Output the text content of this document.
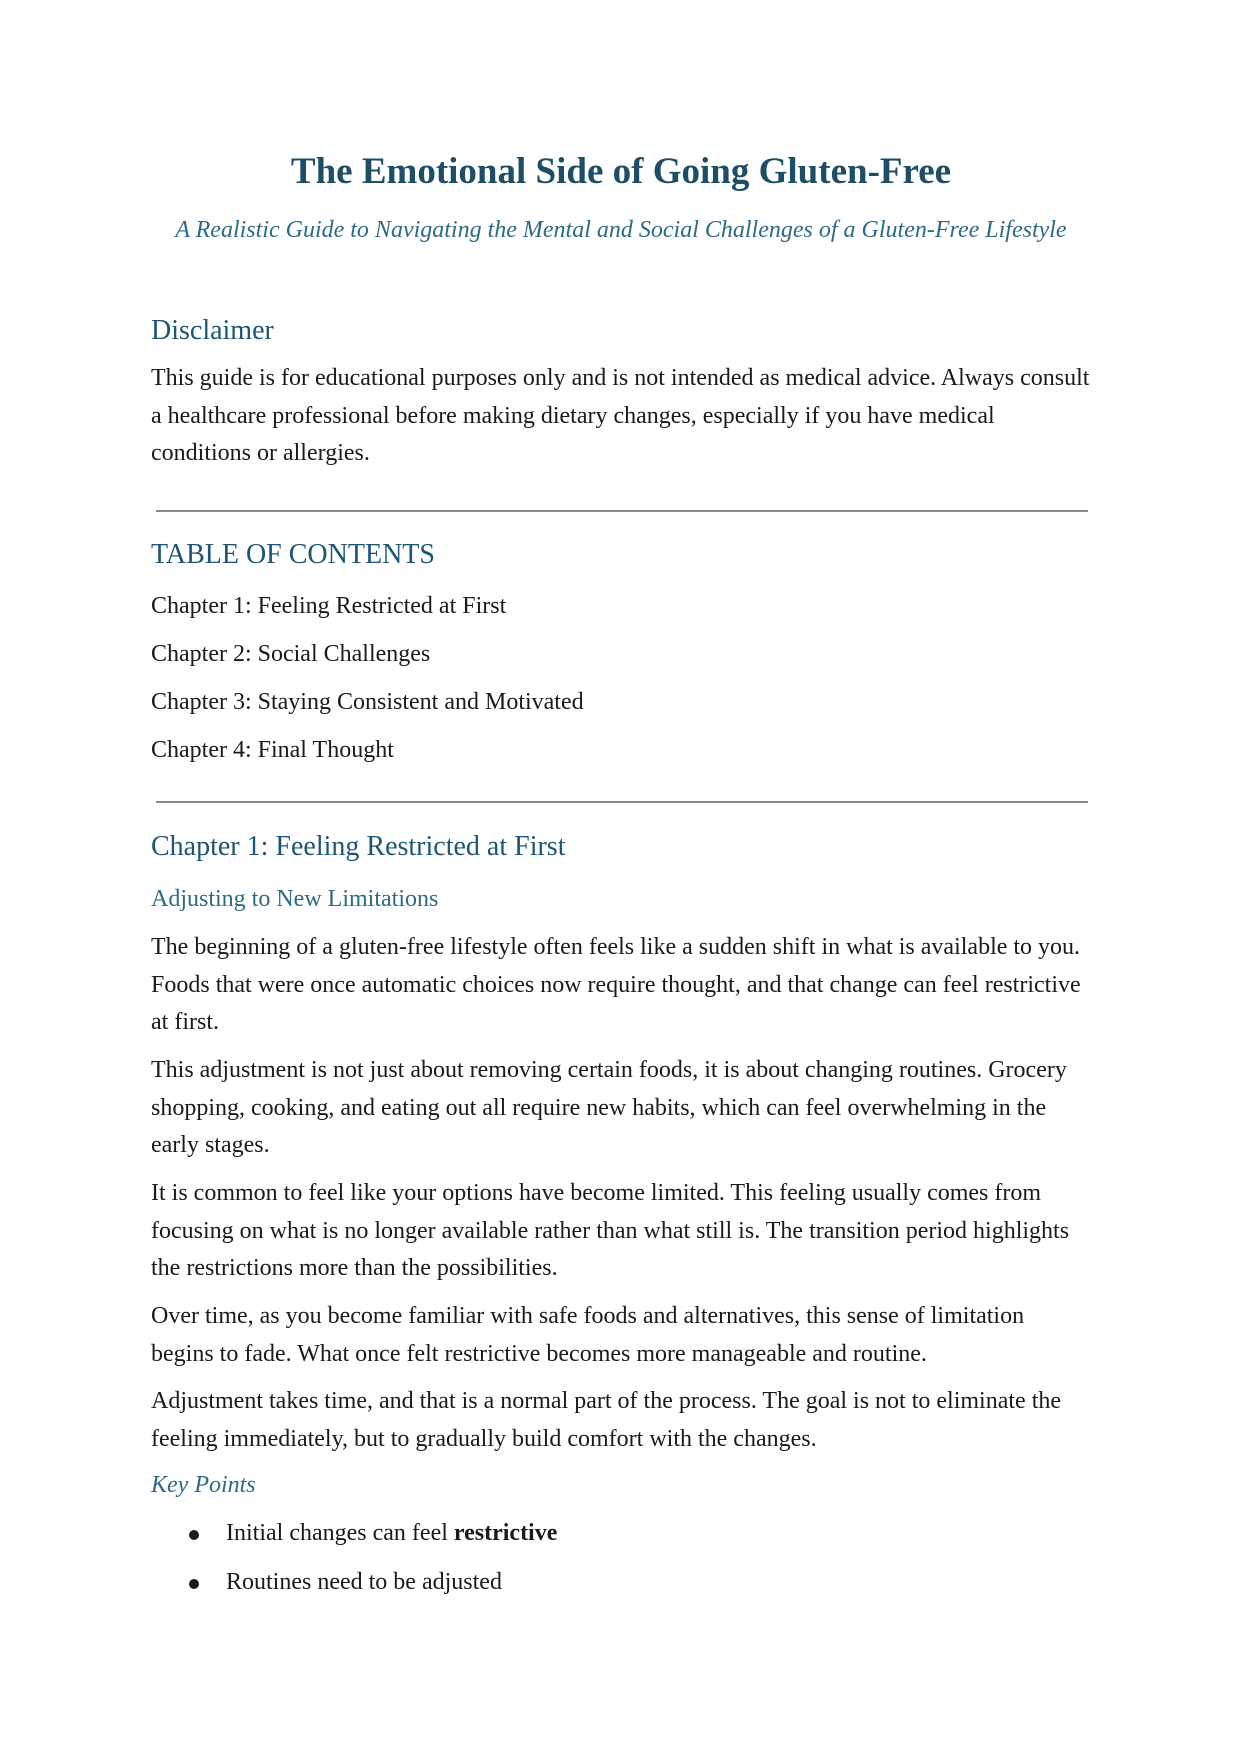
The Emotional Side of Going Gluten-Free

A Realistic Guide to Navigating the Mental and Social Challenges of a Gluten-Free Lifestyle

Disclaimer

This guide is for educational purposes only and is not intended as medical advice. Always consult a healthcare professional before making dietary changes, especially if you have medical conditions or allergies.

TABLE OF CONTENTS

Chapter 1: Feeling Restricted at First

Chapter 2: Social Challenges

Chapter 3: Staying Consistent and Motivated

Chapter 4: Final Thought

Chapter 1: Feeling Restricted at First
Adjusting to New Limitations

The beginning of a gluten-free lifestyle often feels like a sudden shift in what is available to you. Foods that were once automatic choices now require thought, and that change can feel restrictive at first.

This adjustment is not just about removing certain foods, it is about changing routines. Grocery shopping, cooking, and eating out all require new habits, which can feel overwhelming in the early stages.

It is common to feel like your options have become limited. This feeling usually comes from focusing on what is no longer available rather than what still is. The transition period highlights the restrictions more than the possibilities.

Over time, as you become familiar with safe foods and alternatives, this sense of limitation begins to fade. What once felt restrictive becomes more manageable and routine.

Adjustment takes time, and that is a normal part of the process. The goal is not to eliminate the feeling immediately, but to gradually build comfort with the changes.

Key Points
Initial changes can feel restrictive
Routines need to be adjusted
